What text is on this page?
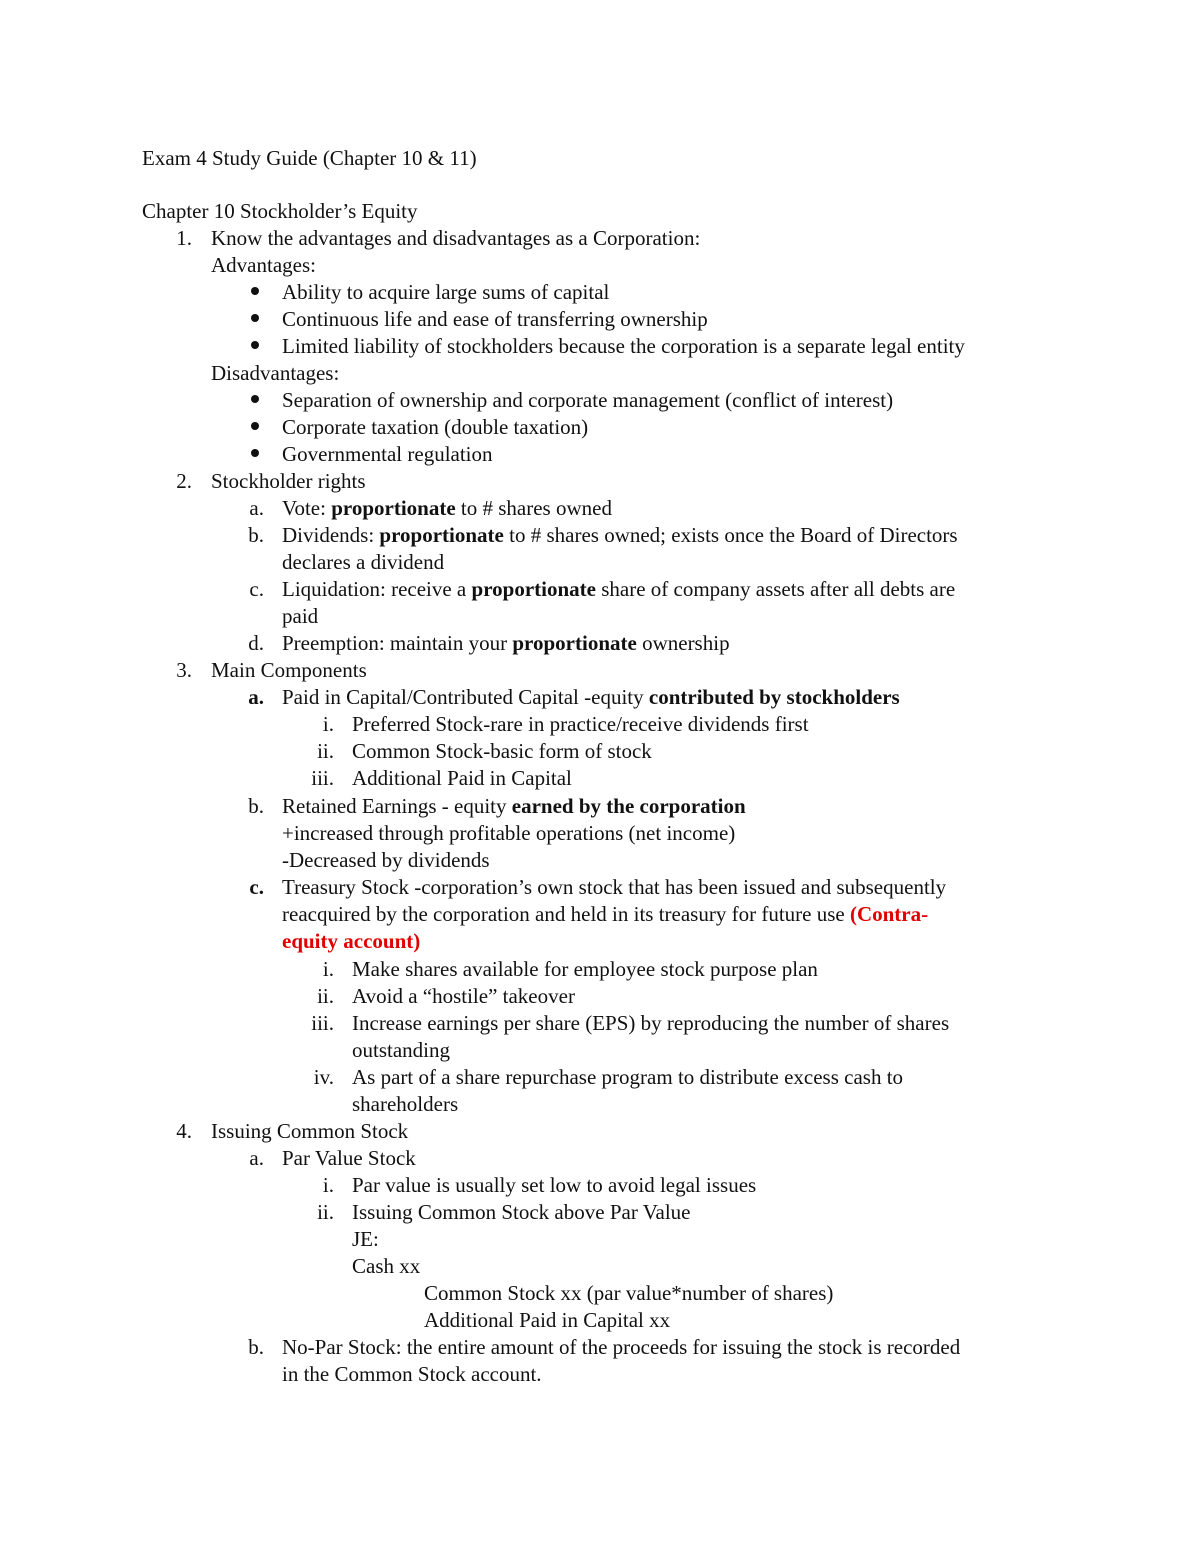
Exam 4 Study Guide (Chapter 10 & 11)
Chapter 10 Stockholder’s Equity
1. Know the advantages and disadvantages as a Corporation:
Advantages:
Ability to acquire large sums of capital
Continuous life and ease of transferring ownership
Limited liability of stockholders because the corporation is a separate legal entity
Disadvantages:
Separation of ownership and corporate management (conflict of interest)
Corporate taxation (double taxation)
Governmental regulation
2. Stockholder rights
a. Vote: proportionate to # shares owned
b. Dividends: proportionate to # shares owned; exists once the Board of Directors
declares a dividend
c. Liquidation: receive a proportionate share of company assets after all debts are
paid
d. Preemption: maintain your proportionate ownership
3. Main Components
a. Paid in Capital/Contributed Capital -equity contributed by stockholders
i. Preferred Stock-rare in practice/receive dividends first
ii. Common Stock-basic form of stock
iii. Additional Paid in Capital
b. Retained Earnings - equity earned by the corporation
+increased through profitable operations (net income)
-Decreased by dividends
c. Treasury Stock -corporation’s own stock that has been issued and subsequently
reacquired by the corporation and held in its treasury for future use (Contra-
equity account)
i. Make shares available for employee stock purpose plan
ii. Avoid a “hostile” takeover
iii. Increase earnings per share (EPS) by reproducing the number of shares
outstanding
iv. As part of a share repurchase program to distribute excess cash to
shareholders
4. Issuing Common Stock
a. Par Value Stock
i. Par value is usually set low to avoid legal issues
ii. Issuing Common Stock above Par Value
JE:
Cash xx
Common Stock xx (par value*number of shares)
Additional Paid in Capital xx
b. No-Par Stock: the entire amount of the proceeds for issuing the stock is recorded
in the Common Stock account.
